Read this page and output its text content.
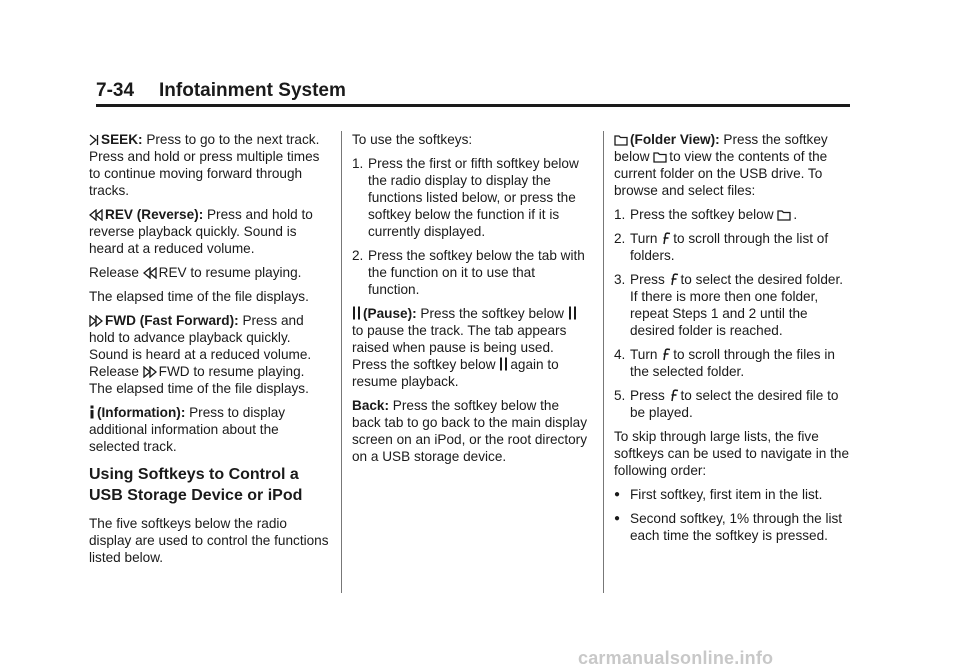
7-34 Infotainment System

SEEK: Press to go to the next track. Press and hold or press multiple times to continue moving forward through tracks.

REV (Reverse): Press and hold to reverse playback quickly. Sound is heard at a reduced volume.

Release
REV to resume playing.

The elapsed time of the file displays.

FWD (Fast Forward): Press and hold to advance playback quickly. Sound is heard at a reduced volume. Release
FWD to resume playing. The elapsed time of the file displays.

(Information): Press to display additional information about the selected track.

Using Softkeys to Control a USB Storage Device or iPod

The five softkeys below the radio display are used to control the functions listed below.

To use the softkeys:

1. Press the first or fifth softkey below the radio display to display the functions listed below, or press the softkey below the function if it is currently displayed.
2. Press the softkey below the tab with the function on it to use that function.

(Pause): Press the softkey below
to pause the track. The tab appears raised when pause is being used. Press the softkey below
again to resume playback.

Back: Press the softkey below the back tab to go back to the main display screen on an iPod, or the root directory on a USB storage device.

(Folder View): Press the softkey below
to view the contents of the current folder on the USB drive. To browse and select files:

1. Press the softkey below
.
2. Turn
to scroll through the list of folders.
3. Press
to select the desired folder. If there is more then one folder, repeat Steps 1 and 2 until the desired folder is reached.
4. Turn
to scroll through the files in the selected folder.
5. Press
to select the desired file to be played.

To skip through large lists, the five softkeys can be used to navigate in the following order:

● First softkey, first item in the list.
● Second softkey, 1% through the list each time the softkey is pressed.
carmanualsonline.info
